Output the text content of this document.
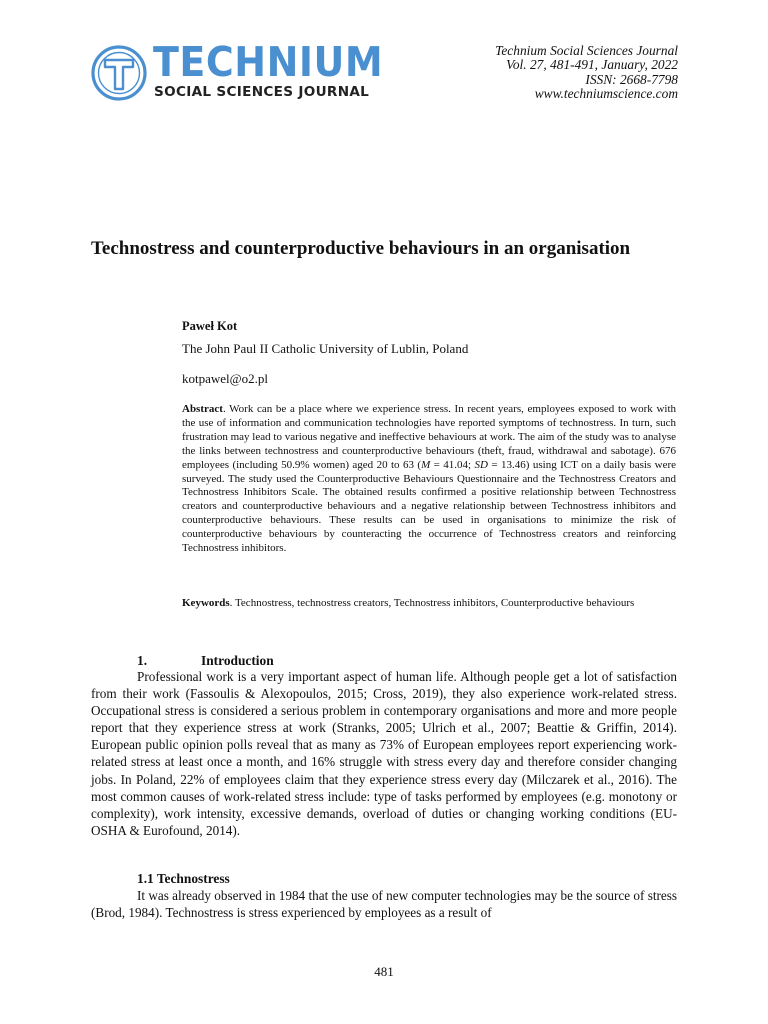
TECHNIUM
SOCIAL SCIENCES JOURNAL
Technium Social Sciences Journal
Vol. 27, 481-491, January, 2022
ISSN: 2668-7798
www.techniumscience.com
Technostress and counterproductive behaviours in an organisation
Paweł Kot
The John Paul II Catholic University of Lublin, Poland
kotpawel@o2.pl
Abstract. Work can be a place where we experience stress. In recent years, employees exposed to work with the use of information and communication technologies have reported symptoms of technostress. In turn, such frustration may lead to various negative and ineffective behaviours at work. The aim of the study was to analyse the links between technostress and counterproductive behaviours (theft, fraud, withdrawal and sabotage). 676 employees (including 50.9% women) aged 20 to 63 (M = 41.04; SD = 13.46) using ICT on a daily basis were surveyed. The study used the Counterproductive Behaviours Questionnaire and the Technostress Creators and Technostress Inhibitors Scale. The obtained results confirmed a positive relationship between Technostress creators and counterproductive behaviours and a negative relationship between Technostress inhibitors and counterproductive behaviours. These results can be used in organisations to minimize the risk of counterproductive behaviours by counteracting the occurrence of Technostress creators and reinforcing Technostress inhibitors.
Keywords. Technostress, technostress creators, Technostress inhibitors, Counterproductive behaviours
1.	Introduction

Professional work is a very important aspect of human life. Although people get a lot of satisfaction from their work (Fassoulis & Alexopoulos, 2015; Cross, 2019), they also experience work-related stress. Occupational stress is considered a serious problem in contemporary organisations and more and more people report that they experience stress at work (Stranks, 2005; Ulrich et al., 2007; Beattie & Griffin, 2014). European public opinion polls reveal that as many as 73% of European employees report experiencing work-related stress at least once a month, and 16% struggle with stress every day and therefore consider changing jobs. In Poland, 22% of employees claim that they experience stress every day (Milczarek et al., 2016). The most common causes of work-related stress include: type of tasks performed by employees (e.g. monotony or complexity), work intensity, excessive demands, overload of duties or changing working conditions (EU-OSHA & Eurofound, 2014).

1.1 Technostress

It was already observed in 1984 that the use of new computer technologies may be the source of stress (Brod, 1984). Technostress is stress experienced by employees as a result of

481
